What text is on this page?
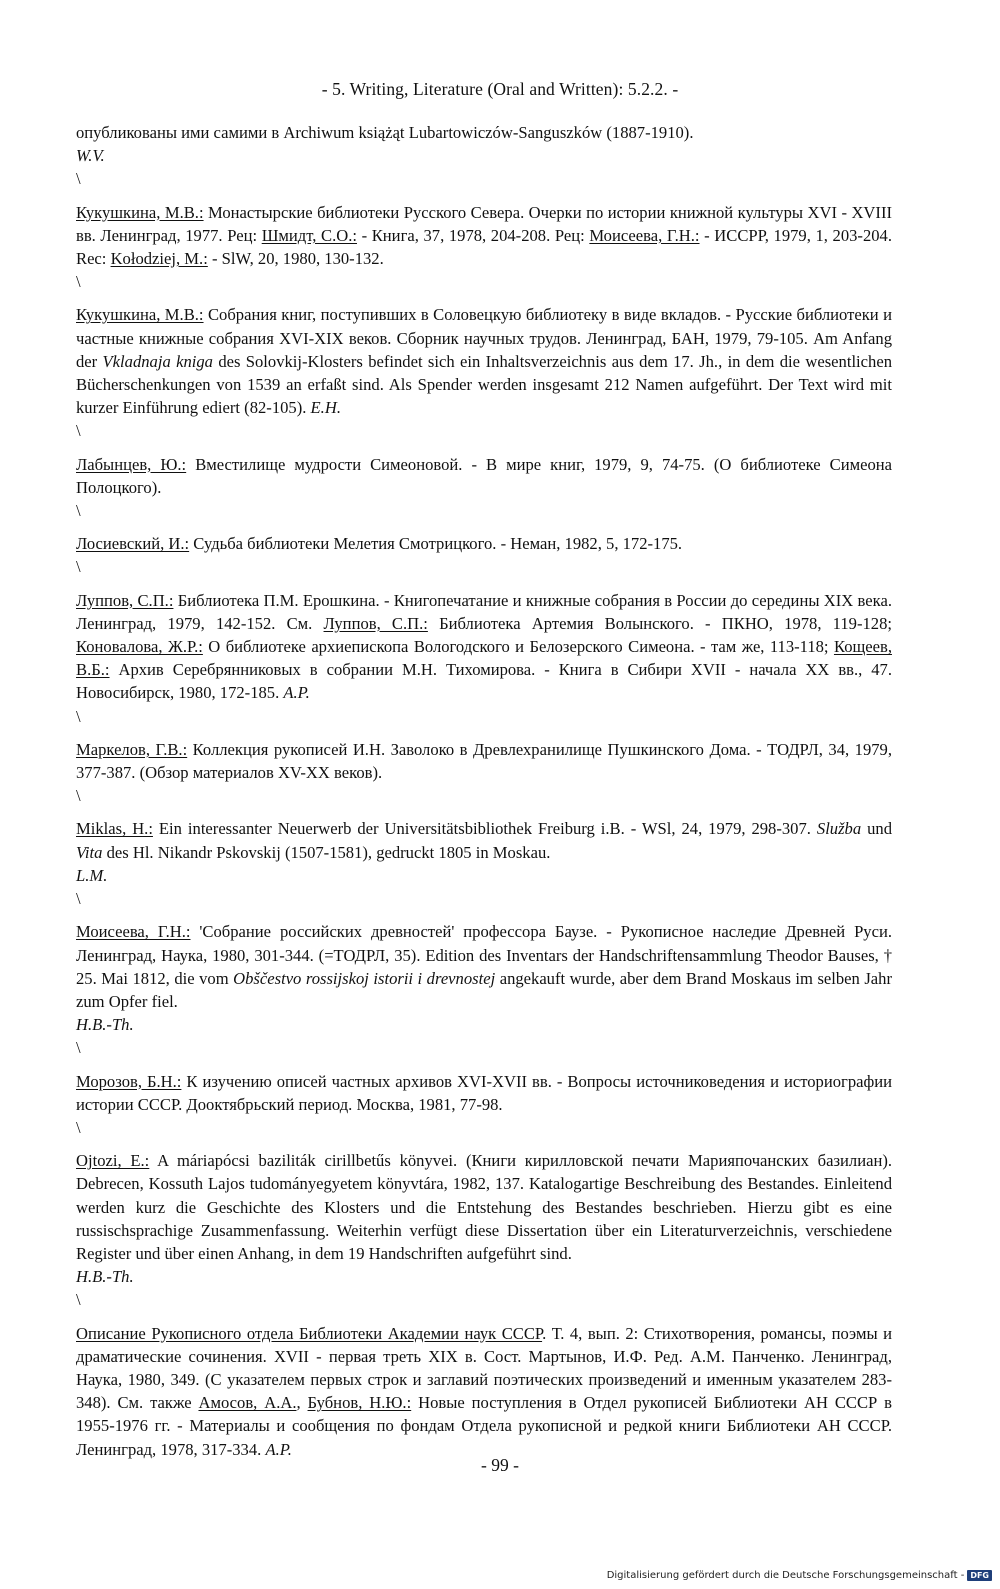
- 5. Writing, Literature (Oral and Written): 5.2.2. -

опубликованы ими самими в Archiwum książąt Lubartowiczów-Sanguszków (1887-1910).
W.V.

\

Кукушкина, М.В.: Монастырские библиотеки Русского Севера. Очерки по истории книжной культуры XVI - XVIII вв. Ленинград, 1977. Рец: Шмидт, С.О.: - Книга, 37, 1978, 204-208. Рец: Моисеева, Г.Н.: - ИССРР, 1979, 1, 203-204. Rec: Kołodziej, M.: - SlW, 20, 1980, 130-132.

\

Кукушкина, М.В.: Собрания книг, поступивших в Соловецкую библиотеку в виде вкладов. - Русские библиотеки и частные книжные собрания XVI-XIX веков. Сборник научных трудов. Ленинград, БАН, 1979, 79-105. Am Anfang der Vkladnaja kniga des Solovkij-Klosters befindet sich ein Inhaltsverzeichnis aus dem 17. Jh., in dem die wesentlichen Bücherschenkungen von 1539 an erfaßt sind. Als Spender werden insgesamt 212 Namen aufgeführt. Der Text wird mit kurzer Einführung ediert (82-105). E.H.

\

Лабынцев, Ю.: Вместилище мудрости Симеоновой. - В мире книг, 1979, 9, 74-75. (О библиотеке Симеона Полоцкого).

\

Лосиевский, И.: Судьба библиотеки Мелетия Смотрицкого. - Неман, 1982, 5, 172-175.

\

Луппов, С.П.: Библиотека П.М. Ерошкина. - Книгопечатание и книжные собрания в России до середины XIX века. Ленинград, 1979, 142-152. См. Луппов, С.П.: Библиотека Артемия Волынского. - ПКНО, 1978, 119-128; Коновалова, Ж.Р.: О библиотеке архиепископа Вологодского и Белозерского Симеона. - там же, 113-118; Кощеев, В.Б.: Архив Серебрянниковых в собрании М.Н. Тихомирова. - Книга в Сибири XVII - начала XX вв., 47. Новосибирск, 1980, 172-185. A.P.

\

Маркелов, Г.В.: Коллекция рукописей И.Н. Заволоко в Древлехранилище Пушкинского Дома. - ТОДРЛ, 34, 1979, 377-387. (Обзор материалов XV-XX веков).

\

Miklas, H.: Ein interessanter Neuerwerb der Universitätsbibliothek Freiburg i.B. - WSl, 24, 1979, 298-307. Služba und Vita des Hl. Nikandr Pskovskij (1507-1581), gedruckt 1805 in Moskau.
L.M.

\

Моисеева, Г.Н.: 'Собрание российских древностей' профессора Баузе. - Рукописное наследие Древней Руси. Ленинград, Наука, 1980, 301-344. (=ТОДРЛ, 35). Edition des Inventars der Handschriftensammlung Theodor Bauses, † 25. Mai 1812, die vom Obščestvo rossijskoj istorii i drevnostej angekauft wurde, aber dem Brand Moskaus im selben Jahr zum Opfer fiel.
H.B.-Th.

\

Морозов, Б.Н.: К изучению описей частных архивов XVI-XVII вв. - Вопросы источниковедения и историографии истории СССР. Доoктябрьский период. Москва, 1981, 77-98.

\

Ojtozi, E.: A máriapócsi baziliták cirillbetűs könyvei. (Книги кирилловской печати Марияпочанских базилиан). Debrecen, Kossuth Lajos tudományegyetem könyvtára, 1982, 137. Katalogartige Beschreibung des Bestandes. Einleitend werden kurz die Geschichte des Klosters und die Entstehung des Bestandes beschrieben. Hierzu gibt es eine russischsprachige Zusammenfassung. Weiterhin verfügt diese Dissertation über ein Literaturverzeichnis, verschiedene Register und über einen Anhang, in dem 19 Handschriften aufgeführt sind.
H.B.-Th.

\

Описание Рукописного отдела Библиотеки Академии наук СССР. Т. 4, вып. 2: Стихотворения, романсы, поэмы и драматические сочинения. XVII - первая треть XIX в. Сост. Мартынов, И.Ф. Ред. А.М. Панченко. Ленинград, Наука, 1980, 349. (С указателем первых строк и заглавий поэтических произведений и именным указателем 283-348). См. также Амосов, А.А., Бубнов, Н.Ю.: Новые поступления в Отдел рукописей Библиотеки АН СССР в 1955-1976 гг. - Материалы и сообщения по фондам Отдела рукописной и редкой книги Библиотеки АН СССР. Ленинград, 1978, 317-334. A.P.

- 99 -
Digitalisierung gefördert durch die Deutsche Forschungsgemeinschaft - DFG
